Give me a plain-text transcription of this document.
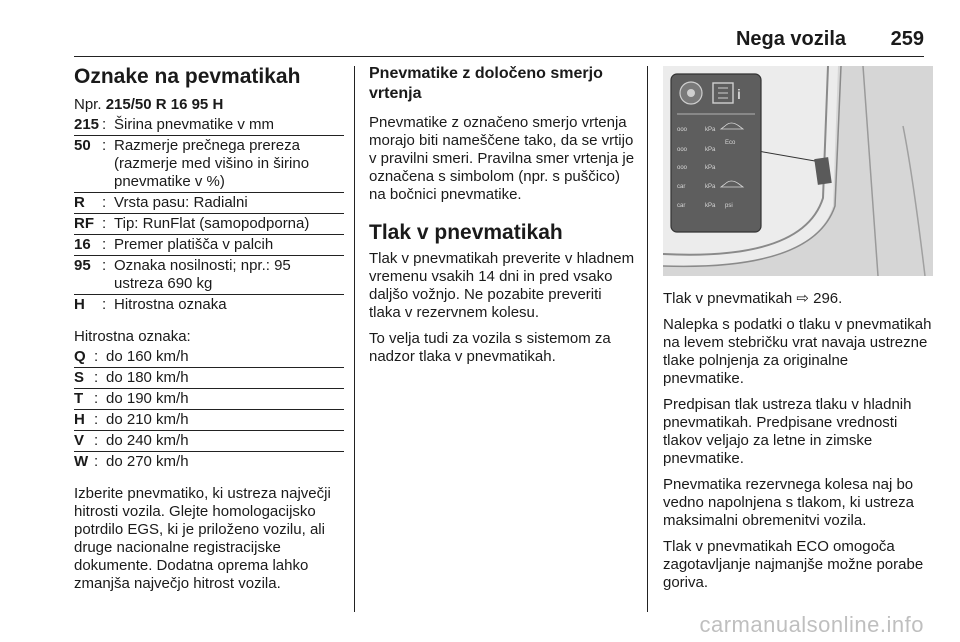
Nega vozila 259
Oznake na pevmatikah

Npr. 215/50 R 16 95 H

215 : Širina pnevmatike v mm
50 : Razmerje prečnega prereza (razmerje med višino in širino pnevmatike v %)
R	: Vrsta pasu: Radialni
RF : Tip: RunFlat (samopodporna)
16 : Premer platišča v palcih
95 : Oznaka nosilnosti; npr.: 95 ustreza 690 kg
H	: Hitrostna oznaka

Hitrostna oznaka:

Q : do 160 km/h
S : do 180 km/h
T : do 190 km/h
H : do 210 km/h
V : do 240 km/h
W : do 270 km/h

Izberite pnevmatiko, ki ustreza največji hitrosti vozila. Glejte homologacijsko potrdilo EGS, ki je priloženo vozilu, ali druge nacionalne registracijske dokumente. Dodatna oprema lahko zmanjša največjo hitrost vozila.

Pnevmatike z določeno smerjo vrtenja

Pnevmatike z označeno smerjo vrtenja morajo biti nameščene tako, da se vrtijo v pravilni smeri. Pravilna smer vrtenja je označena s simbolom (npr. s puščico) na bočnici pnevmatike.

Tlak v pnevmatikah

Tlak v pnevmatikah preverite v hladnem vremenu vsakih 14 dni in pred vsako daljšo vožnjo. Ne pozabite preveriti tlaka v rezervnem kolesu.

To velja tudi za vozila s sistemom za nadzor tlaka v pnevmatikah.

i
ooo	kPa
ooo	kPa
Eco
ooo	kPa
car	kPa
car	kPa psi

Tlak v pnevmatikah ⇨ 296.

Nalepka s podatki o tlaku v pnevmatikah na levem stebričku vrat navaja ustrezne tlake polnjenja za originalne pnevmatike.

Predpisan tlak ustreza tlaku v hladnih pnevmatikah. Predpisane vrednosti tlakov veljajo za letne in zimske pnevmatike.

Pnevmatika rezervnega kolesa naj bo vedno napolnjena s tlakom, ki ustreza maksimalni obremenitvi vozila.

Tlak v pnevmatikah ECO omogoča zagotavljanje najmanjše možne porabe goriva.

carmanualsonline.info
